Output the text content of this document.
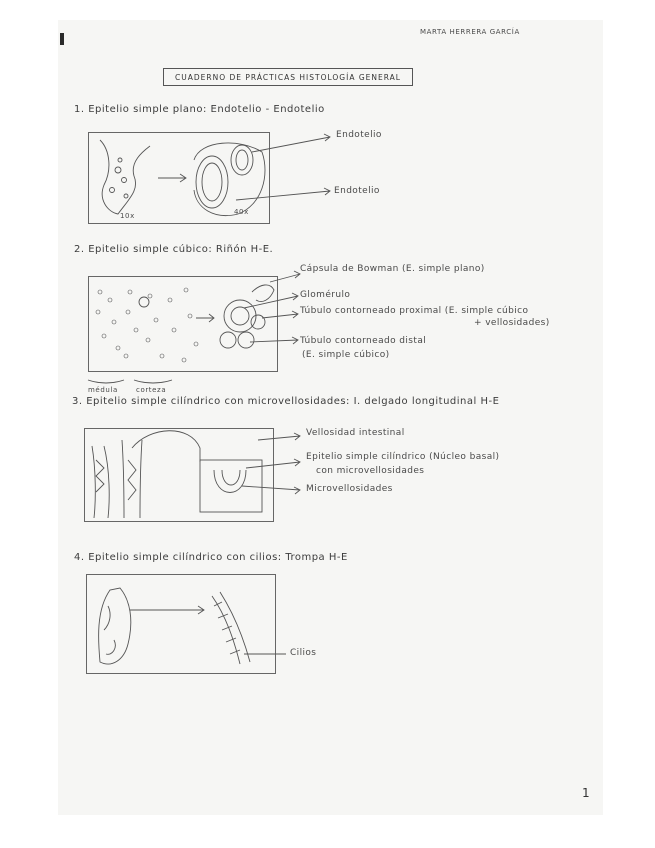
MARTA HERRERA GARCÍA
CUADERNO DE PRÁCTICAS HISTOLOGÍA GENERAL
1. Epitelio simple plano: Endotelio - Endotelio
Endotelio
Endotelio
10x	40x
2. Epitelio simple cúbico: Riñón H-E.
Cápsula de Bowman (E. simple plano)
Glomérulo
Túbulo contorneado proximal (E. simple cúbico
+ vellosidades)
Túbulo contorneado distal
(E. simple cúbico)
médula	corteza
3. Epitelio simple cilíndrico con microvellosidades: I. delgado longitudinal H-E
Vellosidad intestinal
Epitelio simple cilíndrico (Núcleo basal)
con microvellosidades
Microvellosidades
4. Epitelio simple cilíndrico con cilios: Trompa H-E
Cilios
1
